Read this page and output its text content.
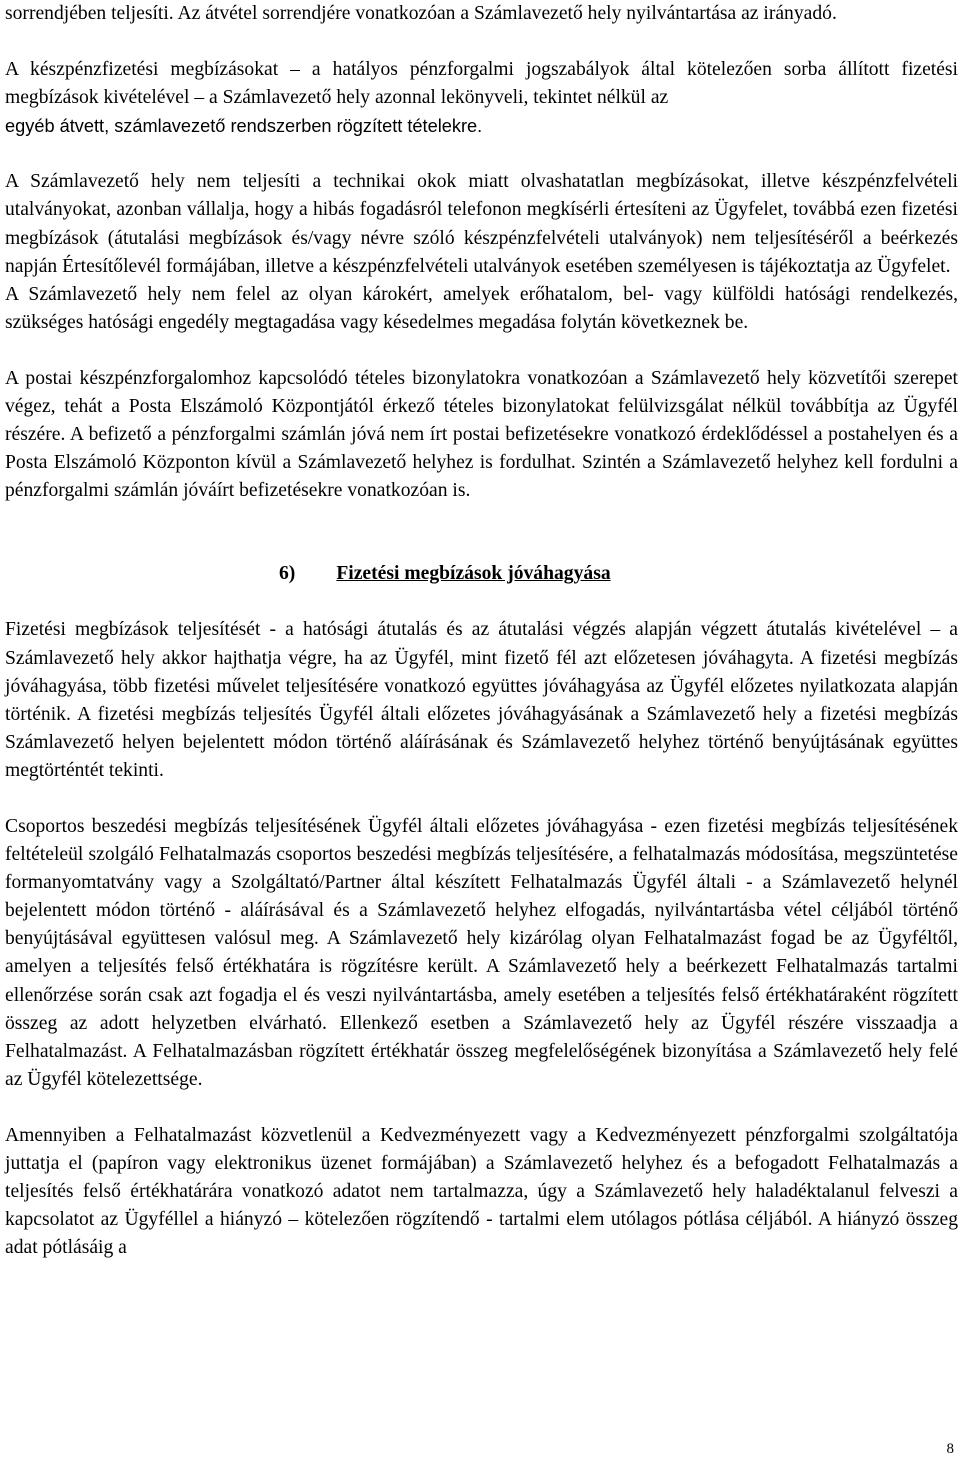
sorrendjében teljesíti. Az átvétel sorrendjére vonatkozóan a Számlavezető hely nyilvántartása az irányadó.

A készpénzfizetési megbízásokat – a hatályos pénzforgalmi jogszabályok által kötelezően sorba állított fizetési megbízások kivételével – a Számlavezető hely azonnal lekönyveli, tekintet nélkül az

egyéb átvett, számlavezető rendszerben rögzített tételekre.

A Számlavezető hely nem teljesíti a technikai okok miatt olvashatatlan megbízásokat, illetve készpénzfelvételi utalványokat, azonban vállalja, hogy a hibás fogadásról telefonon megkísérli értesíteni az Ügyfelet, továbbá ezen fizetési megbízások (átutalási megbízások és/vagy névre szóló készpénzfelvételi utalványok) nem teljesítéséről a beérkezés napján Értesítőlevél formájában, illetve a készpénzfelvételi utalványok esetében személyesen is tájékoztatja az Ügyfelet.

A Számlavezető hely nem felel az olyan károkért, amelyek erőhatalom, bel- vagy külföldi hatósági rendelkezés, szükséges hatósági engedély megtagadása vagy késedelmes megadása folytán következnek be.

A postai készpénzforgalomhoz kapcsolódó tételes bizonylatokra vonatkozóan a Számlavezető hely közvetítői szerepet végez, tehát a Posta Elszámoló Központjától érkező tételes bizonylatokat felülvizsgálat nélkül továbbítja az Ügyfél részére. A befizető a pénzforgalmi számlán jóvá nem írt postai befizetésekre vonatkozó érdeklődéssel a postahelyen és a Posta Elszámoló Központon kívül a Számlavezető helyhez is fordulhat. Szintén a Számlavezető helyhez kell fordulni a pénzforgalmi számlán jóváírt befizetésekre vonatkozóan is.

6) Fizetési megbízások jóváhagyása

Fizetési megbízások teljesítését - a hatósági átutalás és az átutalási végzés alapján végzett átutalás kivételével – a Számlavezető hely akkor hajthatja végre, ha az Ügyfél, mint fizető fél azt előzetesen jóváhagyta. A fizetési megbízás jóváhagyása, több fizetési művelet teljesítésére vonatkozó együttes jóváhagyása az Ügyfél előzetes nyilatkozata alapján történik. A fizetési megbízás teljesítés Ügyfél általi előzetes jóváhagyásának a Számlavezető hely a fizetési megbízás Számlavezető helyen bejelentett módon történő aláírásának és Számlavezető helyhez történő benyújtásának együttes megtörténtét tekinti.

Csoportos beszedési megbízás teljesítésének Ügyfél általi előzetes jóváhagyása - ezen fizetési megbízás teljesítésének feltételeül szolgáló Felhatalmazás csoportos beszedési megbízás teljesítésére, a felhatalmazás módosítása, megszüntetése formanyomtatvány vagy a Szolgáltató/Partner által készített Felhatalmazás Ügyfél általi - a Számlavezető helynél bejelentett módon történő - aláírásával és a Számlavezető helyhez elfogadás, nyilvántartásba vétel céljából történő benyújtásával együttesen valósul meg. A Számlavezető hely kizárólag olyan Felhatalmazást fogad be az Ügyféltől, amelyen a teljesítés felső értékhatára is rögzítésre került. A Számlavezető hely a beérkezett Felhatalmazás tartalmi ellenőrzése során csak azt fogadja el és veszi nyilvántartásba, amely esetében a teljesítés felső értékhatáraként rögzített összeg az adott helyzetben elvárható. Ellenkező esetben a Számlavezető hely az Ügyfél részére visszaadja a Felhatalmazást. A Felhatalmazásban rögzített értékhatár összeg megfelelőségének bizonyítása a Számlavezető hely felé az Ügyfél kötelezettsége.

Amennyiben a Felhatalmazást közvetlenül a Kedvezményezett vagy a Kedvezményezett pénzforgalmi szolgáltatója juttatja el (papíron vagy elektronikus üzenet formájában) a Számlavezető helyhez és a befogadott Felhatalmazás a teljesítés felső értékhatárára vonatkozó adatot nem tartalmazza, úgy a Számlavezető hely haladéktalanul felveszi a kapcsolatot az Ügyféllel a hiányzó – kötelezően rögzítendő - tartalmi elem utólagos pótlása céljából. A hiányzó összeg adat pótlásáig a

8
